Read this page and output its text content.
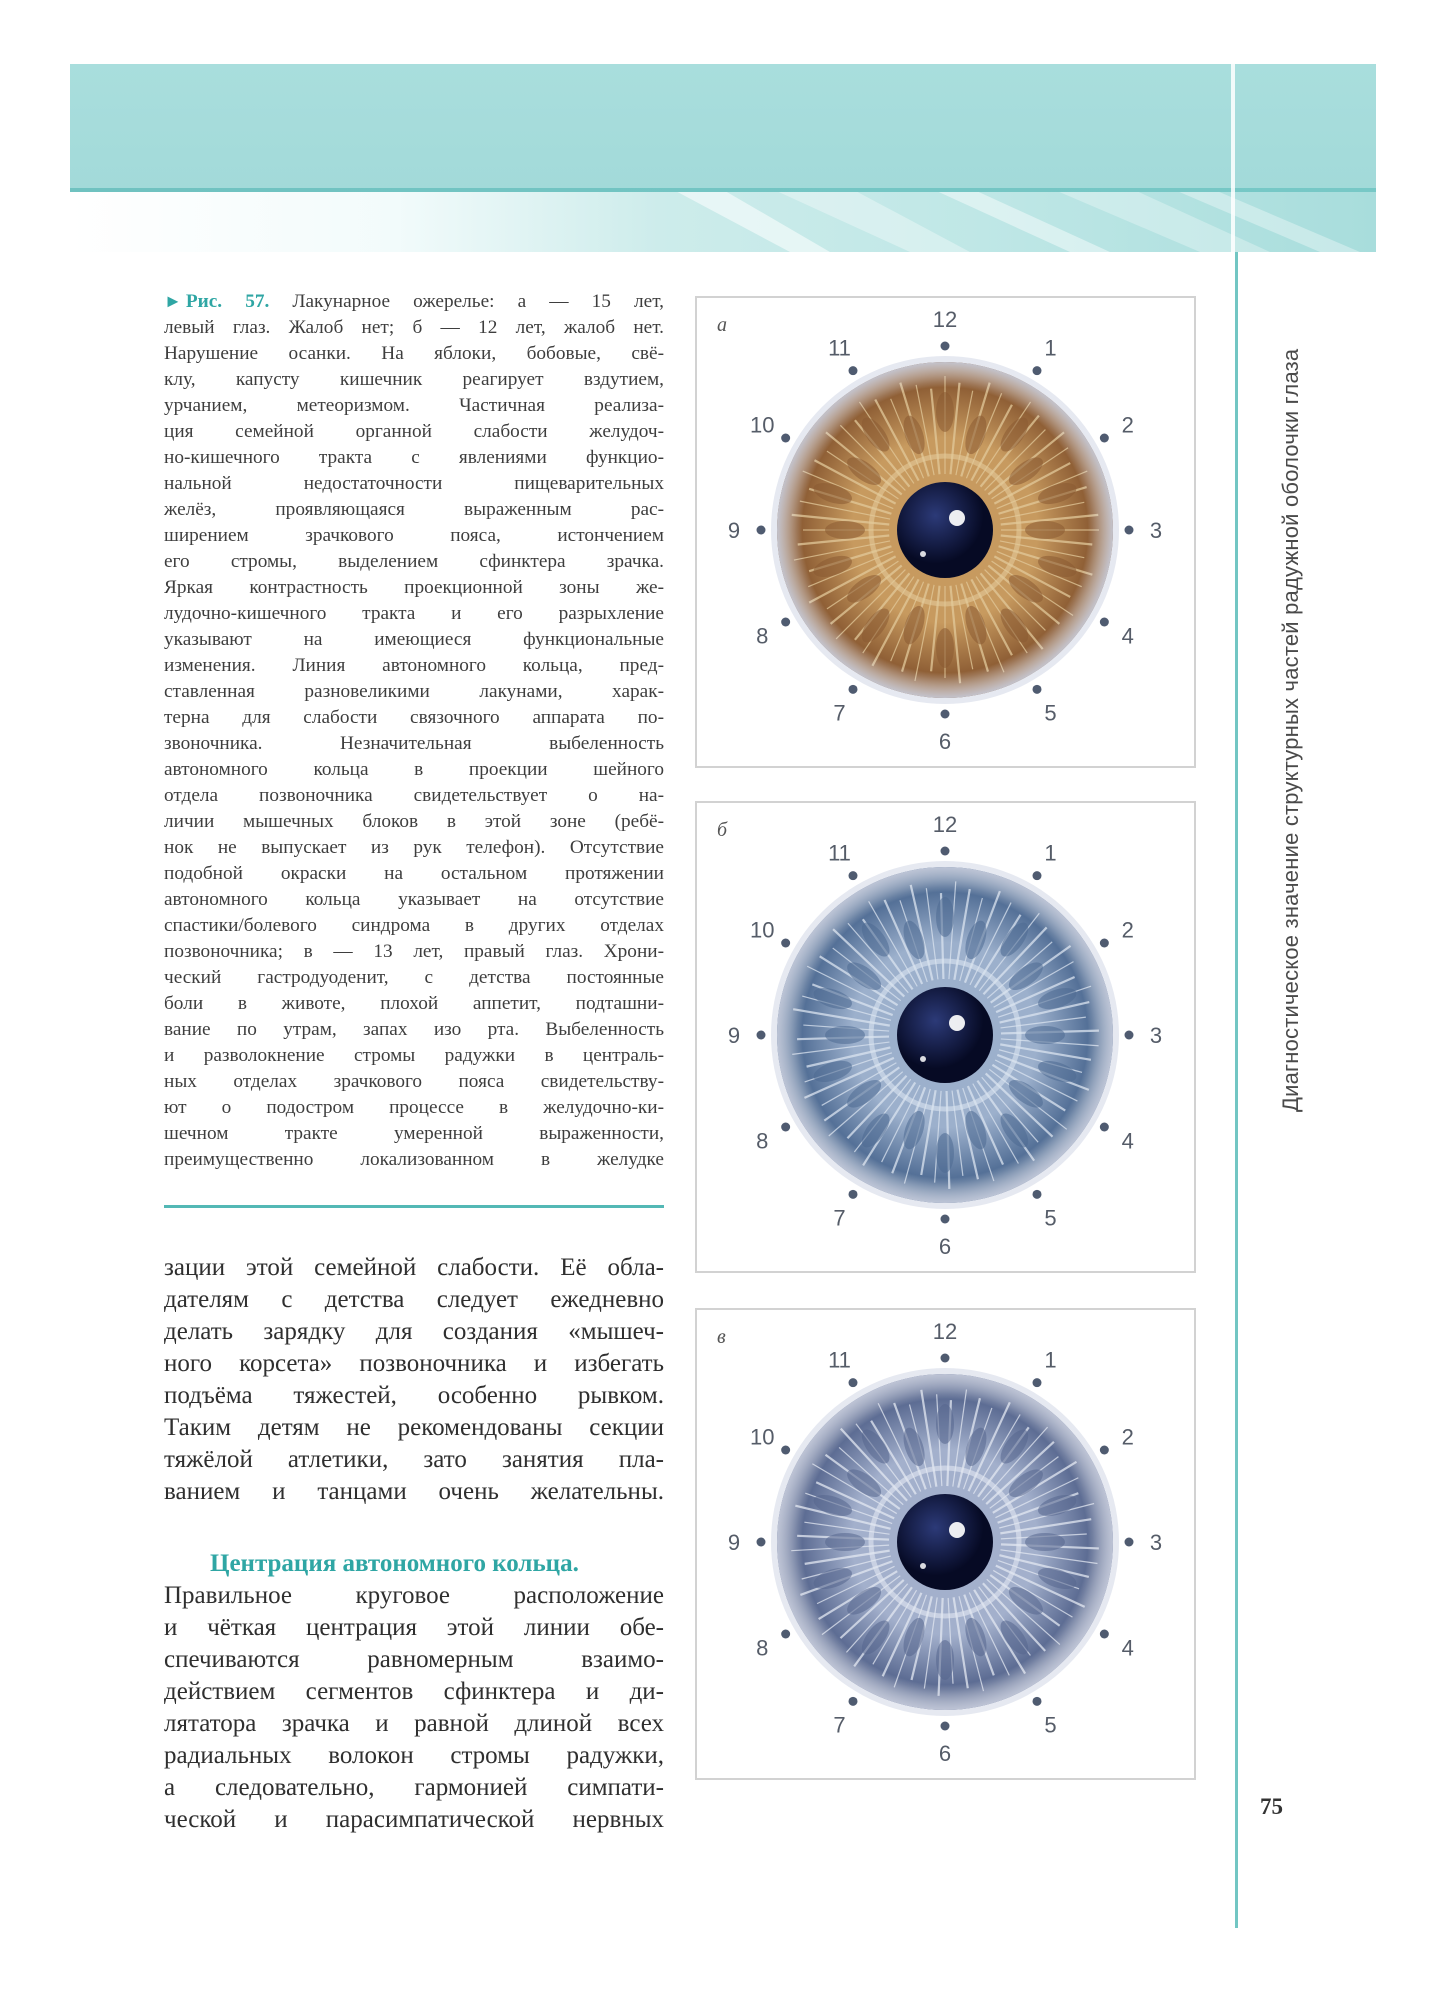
► Рис. 57. Лакунарное ожерелье: а — 15 лет,
левый глаз. Жалоб нет; б — 12 лет, жалоб нет.
Нарушение осанки. На яблоки, бобовые, свё-
клу, капусту кишечник реагирует вздутием,
урчанием, метеоризмом. Частичная реализа-
ция семейной органной слабости желудоч-
но-кишечного тракта с явлениями функцио-
нальной недостаточности пищеварительных
желёз, проявляющаяся выраженным рас-
ширением зрачкового пояса, истончением
его стромы, выделением сфинктера зрачка.
Яркая контрастность проекционной зоны же-
лудочно-кишечного тракта и его разрыхление
указывают на имеющиеся функциональные
изменения. Линия автономного кольца, пред-
ставленная разновеликими лакунами, харак-
терна для слабости связочного аппарата по-
звоночника. Незначительная выбеленность
автономного кольца в проекции шейного
отдела позвоночника свидетельствует о на-
личии мышечных блоков в этой зоне (ребё-
нок не выпускает из рук телефон). Отсутствие
подобной окраски на остальном протяжении
автономного кольца указывает на отсутствие
спастики/болевого синдрома в других отделах
позвоночника; в — 13 лет, правый глаз. Хрони-
ческий гастродуоденит, с детства постоянные
боли в животе, плохой аппетит, подташни-
вание по утрам, запах изо рта. Выбеленность
и разволокнение стромы радужки в централь-
ных отделах зрачкового пояса свидетельству-
ют о подостром процессе в желудочно-ки-
шечном тракте умеренной выраженности,
преимущественно локализованном в желудке
зации этой семейной слабости. Её обла-
дателям с детства следует ежедневно
делать зарядку для создания «мышеч-
ного корсета» позвоночника и избегать
подъёма тяжестей, особенно рывком.
Таким детям не рекомендованы секции
тяжёлой атлетики, зато занятия пла-
ванием и танцами очень желательны.
Центрация автономного кольца.
Правильное круговое расположение
и чёткая центрация этой линии обе-
спечиваются равномерным взаимо-
действием сегментов сфинктера и ди-
лятатора зрачка и равной длиной всех
радиальных волокон стромы радужки,
а следовательно, гармонией симпати-
ческой и парасимпатической нервных
12
1
2
3
4
5
6
7
8
9
10
11
а
12
1
2
3
4
5
6
7
8
9
10
11
б
12
1
2
3
4
5
6
7
8
9
10
11
в
Диагностическое значение структурных частей радужной оболочки глаза
75
